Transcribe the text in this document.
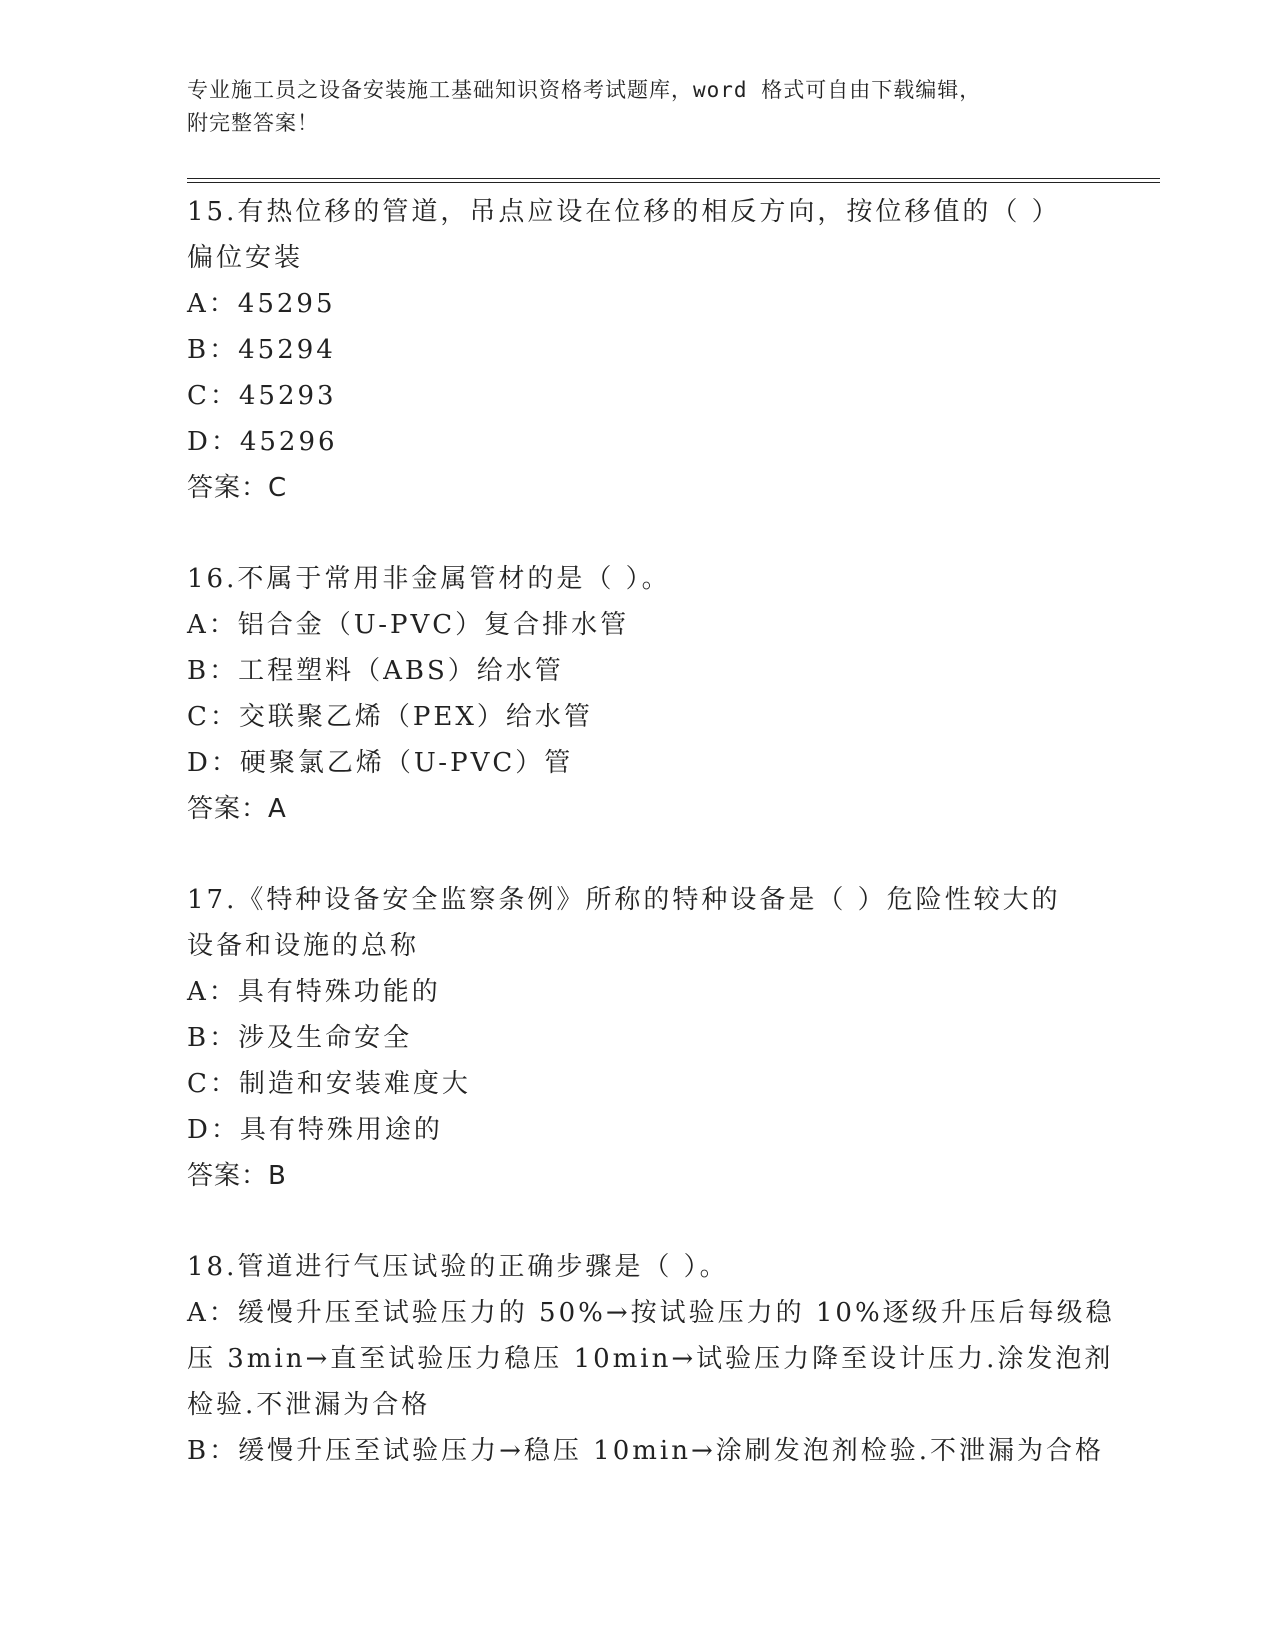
专业施工员之设备安装施工基础知识资格考试题库，word 格式可自由下载编辑，

附完整答案！

15.有热位移的管道，吊点应设在位移的相反方向，按位移值的（ ）
偏位安装
A：45295
B：45294
C：45293
D：45296
答案：C
16.不属于常用非金属管材的是（ ）。
A：铝合金（U-PVC）复合排水管
B：工程塑料（ABS）给水管
C：交联聚乙烯（PEX）给水管
D：硬聚氯乙烯（U-PVC）管
答案：A
17.《特种设备安全监察条例》所称的特种设备是（ ）危险性较大的
设备和设施的总称
A：具有特殊功能的
B：涉及生命安全
C：制造和安装难度大
D：具有特殊用途的
答案：B
18.管道进行气压试验的正确步骤是（ ）。
A：缓慢升压至试验压力的 50%→按试验压力的 10%逐级升压后每级稳
压 3min→直至试验压力稳压 10min→试验压力降至设计压力.涂发泡剂
检验.不泄漏为合格
B：缓慢升压至试验压力→稳压 10min→涂刷发泡剂检验.不泄漏为合格
